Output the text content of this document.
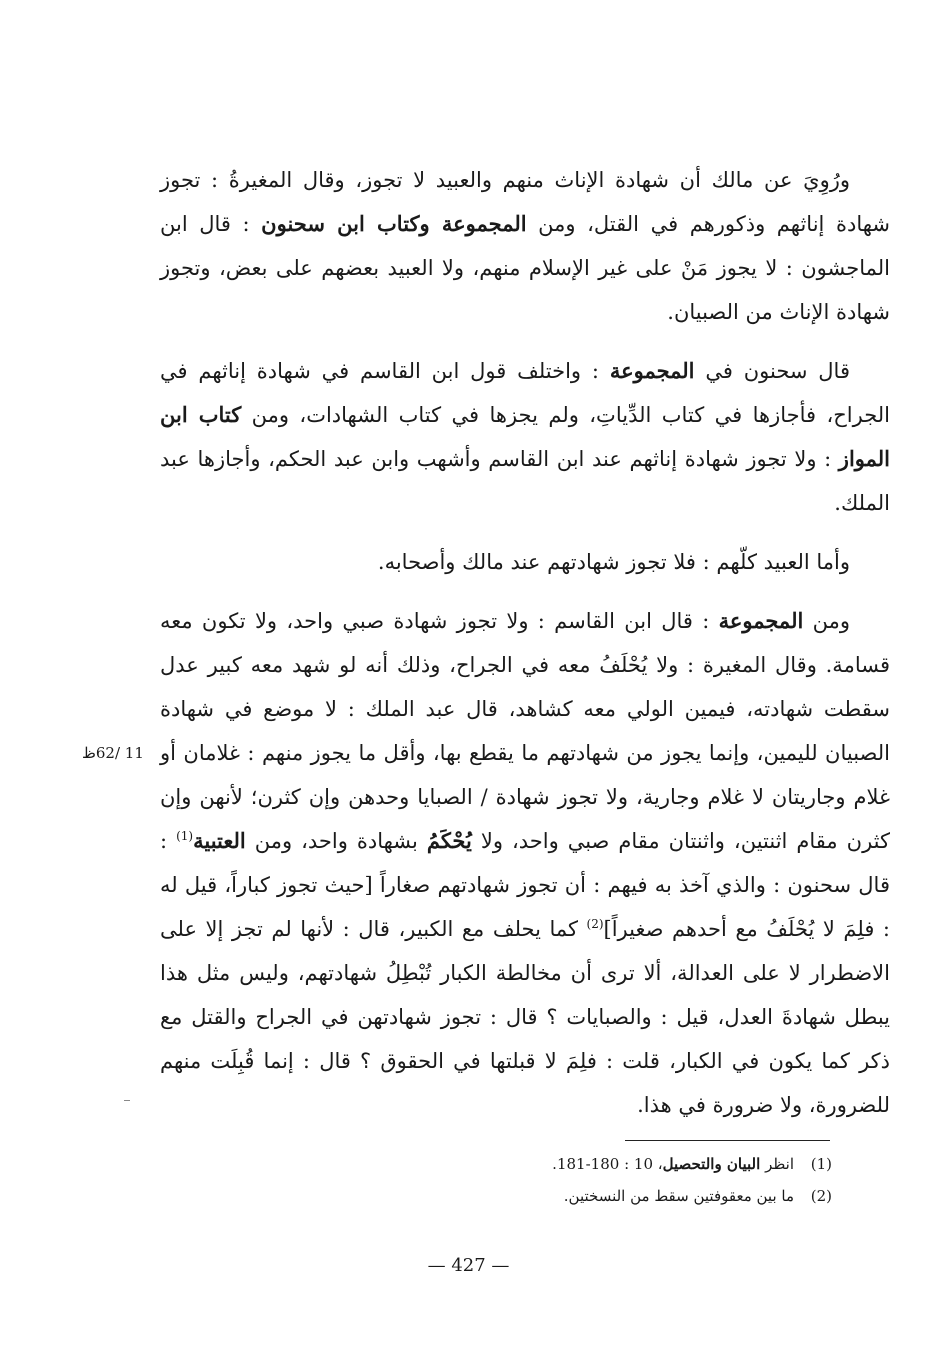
ورُوِيَ عن مالك أن شهادة الإناث منهم والعبيد لا تجوز، وقال المغيرةُ : تجوز شهادة إناثهم وذكورهم في القتل، ومن المجموعة وكتاب ابن سحنون : قال ابن الماجشون : لا يجوز مَنْ على غير الإسلام منهم، ولا العبيد بعضهم على بعض، وتجوز شهادة الإناث من الصبيان.

قال سحنون في المجموعة : واختلف قول ابن القاسم في شهادة إناثهم في الجراح، فأجازها في كتاب الدِّياتِ، ولم يجزها في كتاب الشهادات، ومن كتاب ابن المواز : ولا تجوز شهادة إناثهم عند ابن القاسم وأشهب وابن عبد الحكم، وأجازها عبد الملك.

وأما العبيد كلّهم : فلا تجوز شهادتهم عند مالك وأصحابه.

ومن المجموعة : قال ابن القاسم : ولا تجوز شهادة صبي واحد، ولا تكون معه قسامة. وقال المغيرة : ولا يُحْلَفُ معه في الجراح، وذلك أنه لو شهد معه كبير عدل سقطت شهادته، فيمين الولي معه كشاهد، قال عبد الملك : لا موضع في شهادة الصبيان لليمين، وإنما يجوز من شهادتهم ما يقطع بها، وأقل ما يجوز منهم : غلامان أو غلام وجاريتان لا غلام وجارية، ولا تجوز شهادة / الصبايا وحدهن وإن كثرن؛ لأنهن وإن كثرن مقام اثنتين، واثنتان مقام صبي واحد، ولا يُحْكَمُ بشهادة واحد، ومن العتبية$^{(1)}$ : قال سحنون : والذي آخذ به فيهم : أن تجوز شهادتهم صغاراً [حيث تجوز كباراً، قيل له : فلِمَ لا يُحْلَفُ مع أحدهم صغيراً]$^{(2)}$ كما يحلف مع الكبير، قال : لأنها لم تجز إلا على الاضطرار لا على العدالة، ألا ترى أن مخالطة الكبار تُبْطِلُ شهادتهم، وليس مثل هذا يبطل شهادةَ العدل، قيل : والصبايات ؟ قال : تجوز شهادتهن في الجراح والقتل مع ذكر كما يكون في الكبار، قلت : فلِمَ لا قبلتها في الحقوق ؟ قال : إنما قُبِلَت منهم للضرورة، ولا ضرورة في هذا.

11 /62ظ
(1)انظر البيان والتحصيل، 10 : 180-181.
(2)ما بين معقوفتين سقط من النسختين.
— 427 —
